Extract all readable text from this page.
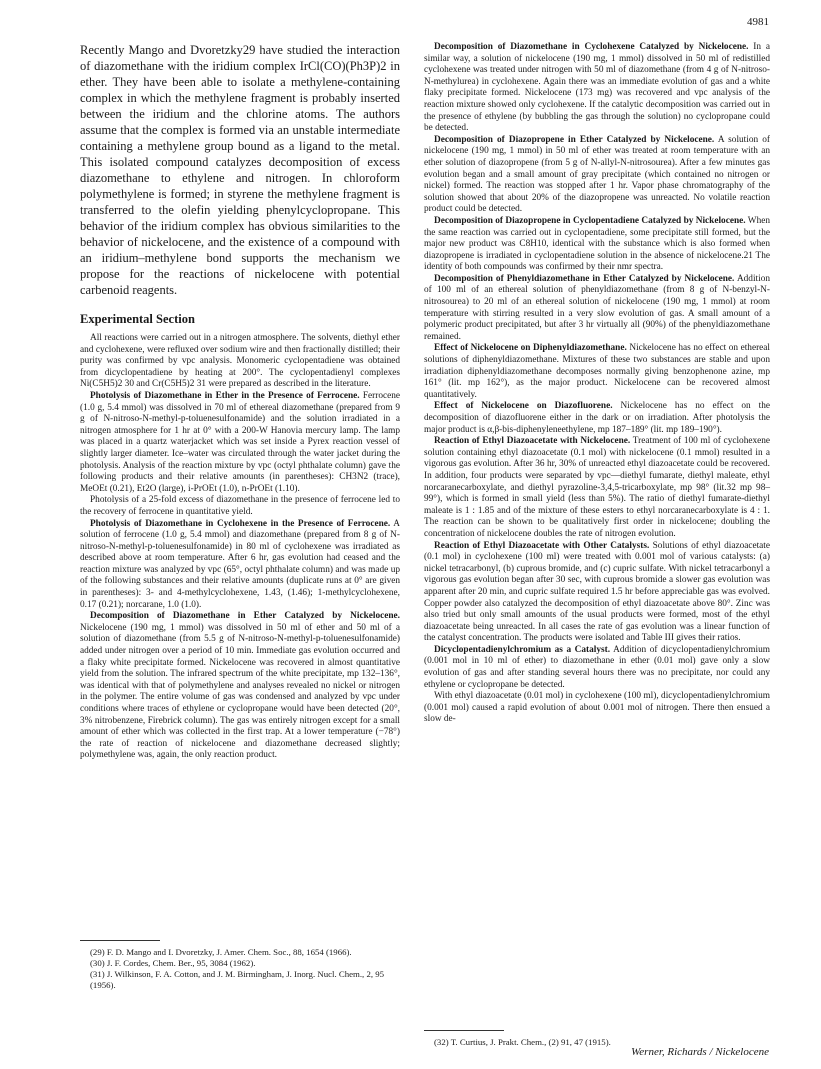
4981

Recently Mango and Dvoretzky29 have studied the interaction of diazomethane with the iridium complex IrCl(CO)(Ph3P)2 in ether. They have been able to isolate a methylene-containing complex in which the methylene fragment is probably inserted between the iridium and the chlorine atoms. The authors assume that the complex is formed via an unstable intermediate containing a methylene group bound as a ligand to the metal. This isolated compound catalyzes decomposition of excess diazomethane to ethylene and nitrogen. In chloroform polymethylene is formed; in styrene the methylene fragment is transferred to the olefin yielding phenylcyclopropane. This behavior of the iridium complex has obvious similarities to the behavior of nickelocene, and the existence of a compound with an iridium–methylene bond supports the mechanism we propose for the reactions of nickelocene with potential carbenoid reagents.

Experimental Section

All reactions were carried out in a nitrogen atmosphere. The solvents, diethyl ether and cyclohexene, were refluxed over sodium wire and then fractionally distilled; their purity was confirmed by vpc analysis. Monomeric cyclopentadiene was obtained from dicyclopentadiene by heating at 200°. The cyclopentadienyl complexes Ni(C5H5)2 30 and Cr(C5H5)2 31 were prepared as described in the literature.

Photolysis of Diazomethane in Ether in the Presence of Ferrocene. Ferrocene (1.0 g, 5.4 mmol) was dissolved in 70 ml of ethereal diazomethane (prepared from 9 g of N-nitroso-N-methyl-p-toluenesulfonamide) and the solution irradiated in a nitrogen atmosphere for 1 hr at 0° with a 200-W Hanovia mercury lamp. The lamp was placed in a quartz waterjacket which was set inside a Pyrex reaction vessel of slightly larger diameter. Ice–water was circulated through the water jacket during the photolysis. Analysis of the reaction mixture by vpc (octyl phthalate column) gave the following products and their relative amounts (in parentheses): CH3N2 (trace), MeOEt (0.21), Et2O (large), i-PrOEt (1.0), n-PrOEt (1.10).

Photolysis of a 25-fold excess of diazomethane in the presence of ferrocene led to the recovery of ferrocene in quantitative yield.

Photolysis of Diazomethane in Cyclohexene in the Presence of Ferrocene. A solution of ferrocene (1.0 g, 5.4 mmol) and diazomethane (prepared from 8 g of N-nitroso-N-methyl-p-toluenesulfonamide) in 80 ml of cyclohexene was irradiated as described above at room temperature. After 6 hr, gas evolution had ceased and the reaction mixture was analyzed by vpc (65°, octyl phthalate column) and was made up of the following substances and their relative amounts (duplicate runs at 0° are given in parentheses): 3- and 4-methylcyclohexene, 1.43, (1.46); 1-methylcyclohexene, 0.17 (0.21); norcarane, 1.0 (1.0).

Decomposition of Diazomethane in Ether Catalyzed by Nickelocene. Nickelocene (190 mg, 1 mmol) was dissolved in 50 ml of ether and 50 ml of a solution of diazomethane (from 5.5 g of N-nitroso-N-methyl-p-toluenesulfonamide) added under nitrogen over a period of 10 min. Immediate gas evolution occurred and a flaky white precipitate formed. Nickelocene was recovered in almost quantitative yield from the solution. The infrared spectrum of the white precipitate, mp 132–136°, was identical with that of polymethylene and analyses revealed no nickel or nitrogen in the polymer. The entire volume of gas was condensed and analyzed by vpc under conditions where traces of ethylene or cyclopropane would have been detected (20°, 3% nitrobenzene, Firebrick column). The gas was entirely nitrogen except for a small amount of ether which was collected in the first trap. At a lower temperature (−78°) the rate of reaction of nickelocene and diazomethane decreased slightly; polymethylene was, again, the only reaction product.

(29) F. D. Mango and I. Dvoretzky, J. Amer. Chem. Soc., 88, 1654 (1966).

(30) J. F. Cordes, Chem. Ber., 95, 3084 (1962).

(31) J. Wilkinson, F. A. Cotton, and J. M. Birmingham, J. Inorg. Nucl. Chem., 2, 95 (1956).

Decomposition of Diazomethane in Cyclohexene Catalyzed by Nickelocene. In a similar way, a solution of nickelocene (190 mg, 1 mmol) dissolved in 50 ml of redistilled cyclohexene was treated under nitrogen with 50 ml of diazomethane (from 4 g of N-nitroso-N-methylurea) in cyclohexene. Again there was an immediate evolution of gas and a white flaky precipitate formed. Nickelocene (173 mg) was recovered and vpc analysis of the reaction mixture showed only cyclohexene. If the catalytic decomposition was carried out in the presence of ethylene (by bubbling the gas through the solution) no cyclopropane could be detected.

Decomposition of Diazopropene in Ether Catalyzed by Nickelocene. A solution of nickelocene (190 mg, 1 mmol) in 50 ml of ether was treated at room temperature with an ether solution of diazopropene (from 5 g of N-allyl-N-nitrosourea). After a few minutes gas evolution began and a small amount of gray precipitate (which contained no nitrogen or nickel) formed. The reaction was stopped after 1 hr. Vapor phase chromatography of the solution showed that about 20% of the diazopropene was unreacted. No volatile reaction product could be detected.

Decomposition of Diazopropene in Cyclopentadiene Catalyzed by Nickelocene. When the same reaction was carried out in cyclopentadiene, some precipitate still formed, but the major new product was C8H10, identical with the substance which is also formed when diazopropene is irradiated in cyclopentadiene solution in the absence of nickelocene.21 The identity of both compounds was confirmed by their nmr spectra.

Decomposition of Phenyldiazomethane in Ether Catalyzed by Nickelocene. Addition of 100 ml of an ethereal solution of phenyldiazomethane (from 8 g of N-benzyl-N-nitrosourea) to 20 ml of an ethereal solution of nickelocene (190 mg, 1 mmol) at room temperature with stirring resulted in a very slow evolution of gas. A small amount of a polymeric product precipitated, but after 3 hr virtually all (90%) of the phenyldiazomethane remained.

Effect of Nickelocene on Diphenyldiazomethane. Nickelocene has no effect on ethereal solutions of diphenyldiazomethane. Mixtures of these two substances are stable and upon irradiation diphenyldiazomethane decomposes normally giving benzophenone azine, mp 161° (lit. mp 162°), as the major product. Nickelocene can be recovered almost quantitatively.

Effect of Nickelocene on Diazofluorene. Nickelocene has no effect on the decomposition of diazofluorene either in the dark or on irradiation. After photolysis the major product is α,β-bis-diphenyleneethylene, mp 187–189° (lit. mp 189–190°).

Reaction of Ethyl Diazoacetate with Nickelocene. Treatment of 100 ml of cyclohexene solution containing ethyl diazoacetate (0.1 mol) with nickelocene (0.1 mmol) resulted in a vigorous gas evolution. After 36 hr, 30% of unreacted ethyl diazoacetate could be recovered. In addition, four products were separated by vpc—diethyl fumarate, diethyl maleate, ethyl norcaranecarboxylate, and diethyl pyrazoline-3,4,5-tricarboxylate, mp 98° (lit.32 mp 98–99°), which is formed in small yield (less than 5%). The ratio of diethyl fumarate-diethyl maleate is 1 : 1.85 and of the mixture of these esters to ethyl norcaranecarboxylate is 4 : 1. The reaction can be shown to be qualitatively first order in nickelocene; doubling the concentration of nickelocene doubles the rate of nitrogen evolution.

Reaction of Ethyl Diazoacetate with Other Catalysts. Solutions of ethyl diazoacetate (0.1 mol) in cyclohexene (100 ml) were treated with 0.001 mol of various catalysts: (a) nickel tetracarbonyl, (b) cuprous bromide, and (c) cupric sulfate. With nickel tetracarbonyl a vigorous gas evolution began after 30 sec, with cuprous bromide a slower gas evolution was apparent after 20 min, and cupric sulfate required 1.5 hr before appreciable gas was evolved. Copper powder also catalyzed the decomposition of ethyl diazoacetate above 80°. Zinc was also tried but only small amounts of the usual products were formed, most of the ethyl diazoacetate being unreacted. In all cases the rate of gas evolution was a linear function of the catalyst concentration. The products were isolated and Table III gives their ratios.

Dicyclopentadienylchromium as a Catalyst. Addition of dicyclopentadienylchromium (0.001 mol in 10 ml of ether) to diazomethane in ether (0.01 mol) gave only a slow evolution of gas and after standing several hours there was no precipitate, nor could any ethylene or cyclopropane be detected.

With ethyl diazoacetate (0.01 mol) in cyclohexene (100 ml), dicyclopentadienylchromium (0.001 mol) caused a rapid evolution of about 0.001 mol of nitrogen. There then ensued a slow de-

(32) T. Curtius, J. Prakt. Chem., (2) 91, 47 (1915).

Werner, Richards / Nickelocene
